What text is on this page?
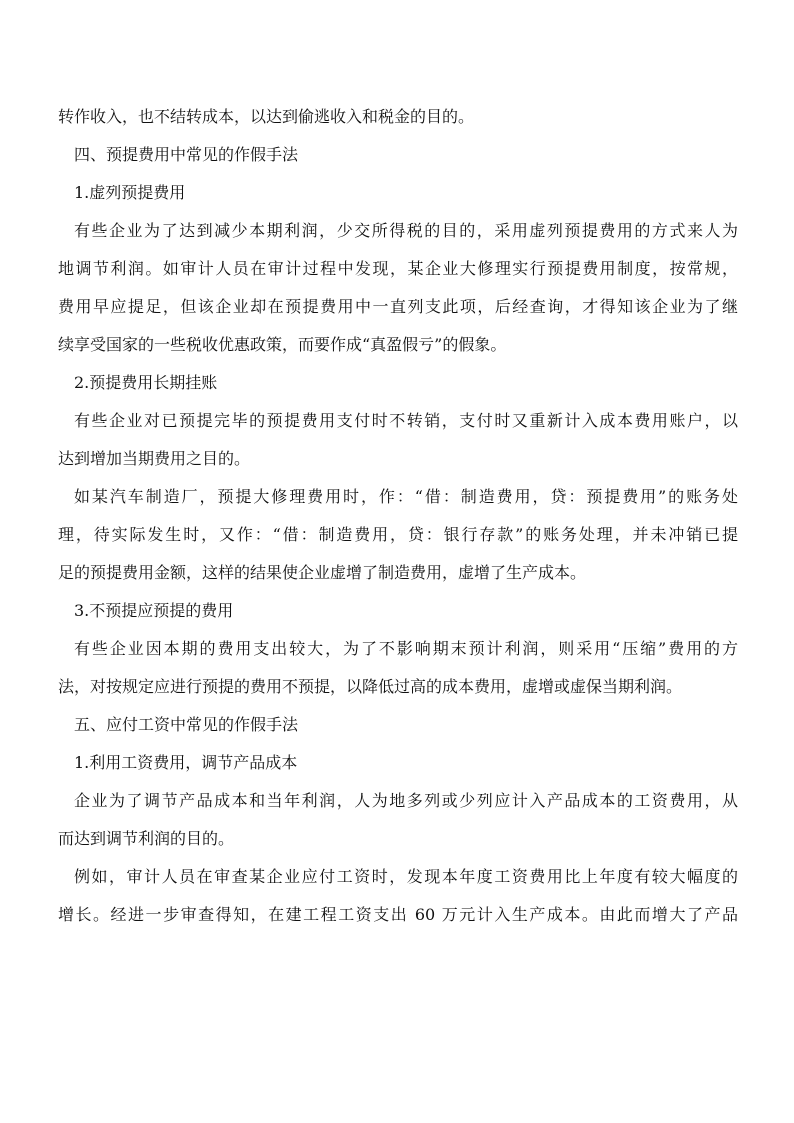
转作收入，也不结转成本，以达到偷逃收入和税金的目的。
四、预提费用中常见的作假手法
1.虚列预提费用
有些企业为了达到减少本期利润，少交所得税的目的，采用虚列预提费用的方式来人为
地调节利润。如审计人员在审计过程中发现，某企业大修理实行预提费用制度，按常规，
费用早应提足，但该企业却在预提费用中一直列支此项，后经查询，才得知该企业为了继
续享受国家的一些税收优惠政策，而要作成“真盈假亏”的假象。
2.预提费用长期挂账
有些企业对已预提完毕的预提费用支付时不转销，支付时又重新计入成本费用账户，以
达到增加当期费用之目的。
如某汽车制造厂，预提大修理费用时，作：“借：制造费用，贷：预提费用”的账务处
理，待实际发生时，又作：“借：制造费用，贷：银行存款”的账务处理，并未冲销已提
足的预提费用金额，这样的结果使企业虚增了制造费用，虚增了生产成本。
3.不预提应预提的费用
有些企业因本期的费用支出较大，为了不影响期末预计利润，则采用“压缩”费用的方
法，对按规定应进行预提的费用不预提，以降低过高的成本费用，虚增或虚保当期利润。
五、应付工资中常见的作假手法
1.利用工资费用，调节产品成本
企业为了调节产品成本和当年利润，人为地多列或少列应计入产品成本的工资费用，从
而达到调节利润的目的。
例如，审计人员在审查某企业应付工资时，发现本年度工资费用比上年度有较大幅度的
增长。经进一步审查得知，在建工程工资支出 60 万元计入生产成本。由此而增大了产品
